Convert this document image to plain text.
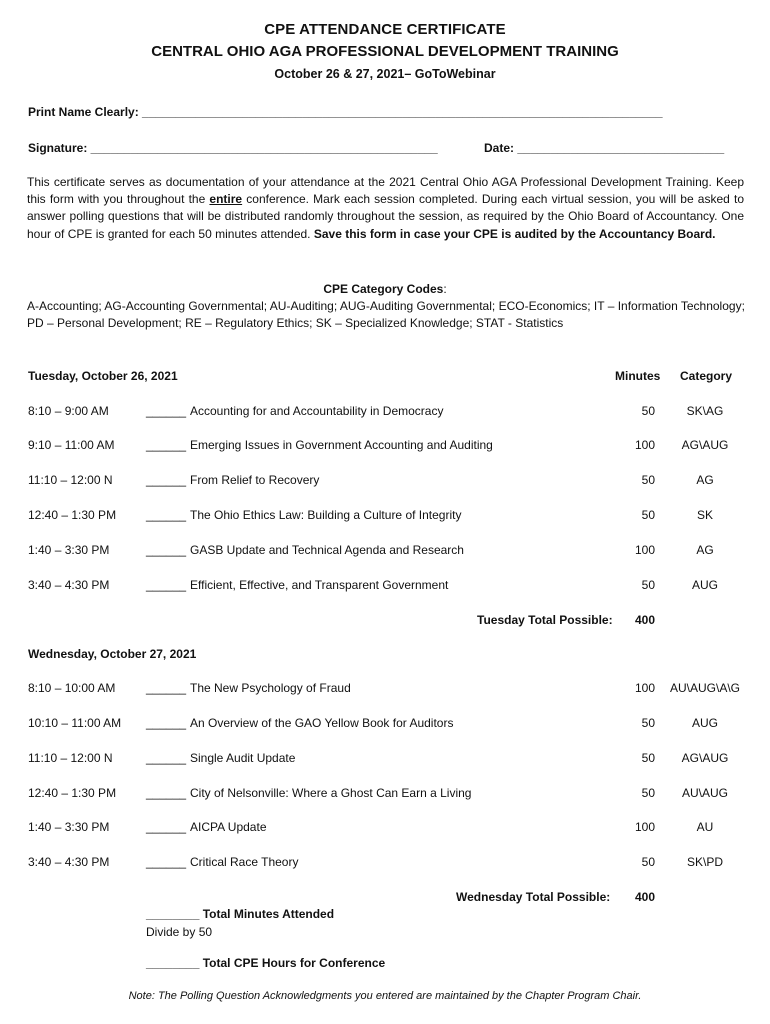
CPE ATTENDANCE CERTIFICATE
CENTRAL OHIO AGA PROFESSIONAL DEVELOPMENT TRAINING
October 26 & 27, 2021– GoToWebinar
Print Name Clearly: ______________________________________________________________________________
Signature: ____________________________________________________	Date: _______________________________
This certificate serves as documentation of your attendance at the 2021 Central Ohio AGA Professional Development Training. Keep this form with you throughout the entire conference. Mark each session completed. During each virtual session, you will be asked to answer polling questions that will be distributed randomly throughout the session, as required by the Ohio Board of Accountancy. One hour of CPE is granted for each 50 minutes attended. Save this form in case your CPE is audited by the Accountancy Board.
CPE Category Codes:
A-Accounting; AG-Accounting Governmental; AU-Auditing; AUG-Auditing Governmental; ECO-Economics; IT – Information Technology; PD – Personal Development; RE – Regulatory Ethics; SK – Specialized Knowledge; STAT - Statistics
Tuesday, October 26, 2021	Minutes Category
8:10 – 9:00 AM	______ Accounting for and Accountability in Democracy	50	SK\AG
9:10 – 11:00 AM	______ Emerging Issues in Government Accounting and Auditing	100	AG\AUG
11:10 – 12:00 N	______ From Relief to Recovery	50	AG
12:40 – 1:30 PM ______ The Ohio Ethics Law: Building a Culture of Integrity	50	SK
1:40 – 3:30 PM	______ GASB Update and Technical Agenda and Research	100	AG
3:40 – 4:30 PM	______ Efficient, Effective, and Transparent Government	50	AUG
Tuesday Total Possible:	400
Wednesday, October 27, 2021
8:10 – 10:00 AM	______ The New Psychology of Fraud	100	AU\AUG\A\G
10:10 – 11:00 AM ______ An Overview of the GAO Yellow Book for Auditors	50	AUG
11:10 – 12:00 N	______ Single Audit Update	50	AG\AUG
12:40 – 1:30 PM ______ City of Nelsonville: Where a Ghost Can Earn a Living	50	AU\AUG
1:40 – 3:30 PM	______ AICPA Update	100	AU
3:40 – 4:30 PM	______ Critical Race Theory	50	SK\PD
Wednesday Total Possible:	400
________ Total Minutes Attended
Divide by 50
________ Total CPE Hours for Conference
Note: The Polling Question Acknowledgments you entered are maintained by the Chapter Program Chair.
